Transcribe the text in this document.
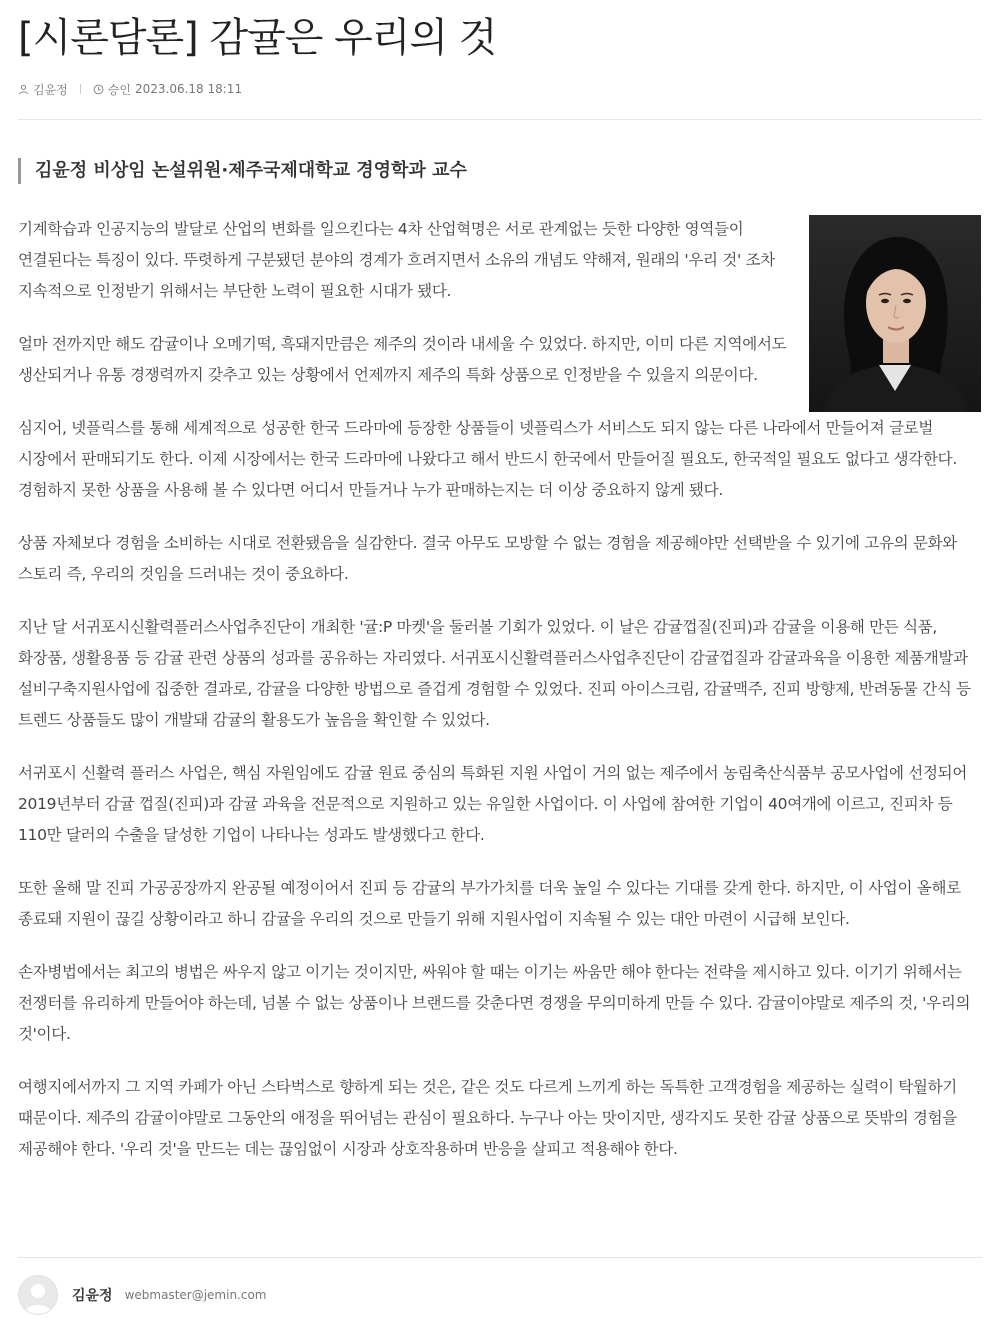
[시론담론] 감귤은 우리의 것
김윤정	승인 2023.06.18 18:11
김윤정 비상임 논설위원·제주국제대학교 경영학과 교수

기계학습과 인공지능의 발달로 산업의 변화를 일으킨다는 4차 산업혁명은 서로 관계없는 듯한 다양한 영역들이 연결된다는 특징이 있다. 뚜렷하게 구분됐던 분야의 경계가 흐려지면서 소유의 개념도 약해져, 원래의 '우리 것' 조차 지속적으로 인정받기 위해서는 부단한 노력이 필요한 시대가 됐다.

얼마 전까지만 해도 감귤이나 오메기떡, 흑돼지만큼은 제주의 것이라 내세울 수 있었다. 하지만, 이미 다른 지역에서도 생산되거나 유통 경쟁력까지 갖추고 있는 상황에서 언제까지 제주의 특화 상품으로 인정받을 수 있을지 의문이다.

심지어, 넷플릭스를 통해 세계적으로 성공한 한국 드라마에 등장한 상품들이 넷플릭스가 서비스도 되지 않는 다른 나라에서 만들어져 글로벌 시장에서 판매되기도 한다. 이제 시장에서는 한국 드라마에 나왔다고 해서 반드시 한국에서 만들어질 필요도, 한국적일 필요도 없다고 생각한다. 경험하지 못한 상품을 사용해 볼 수 있다면 어디서 만들거나 누가 판매하는지는 더 이상 중요하지 않게 됐다.

상품 자체보다 경험을 소비하는 시대로 전환됐음을 실감한다. 결국 아무도 모방할 수 없는 경험을 제공해야만 선택받을 수 있기에 고유의 문화와 스토리 즉, 우리의 것임을 드러내는 것이 중요하다.

지난 달 서귀포시신활력플러스사업추진단이 개최한 '귤:P 마켓'을 둘러볼 기회가 있었다. 이 날은 감귤껍질(진피)과 감귤을 이용해 만든 식품, 화장품, 생활용품 등 감귤 관련 상품의 성과를 공유하는 자리였다. 서귀포시신활력플러스사업추진단이 감귤껍질과 감귤과육을 이용한 제품개발과 설비구축지원사업에 집중한 결과로, 감귤을 다양한 방법으로 즐겁게 경험할 수 있었다. 진피 아이스크림, 감귤맥주, 진피 방향제, 반려동물 간식 등 트렌드 상품들도 많이 개발돼 감귤의 활용도가 높음을 확인할 수 있었다.

서귀포시 신활력 플러스 사업은, 핵심 자원임에도 감귤 원료 중심의 특화된 지원 사업이 거의 없는 제주에서 농림축산식품부 공모사업에 선정되어 2019년부터 감귤 껍질(진피)과 감귤 과육을 전문적으로 지원하고 있는 유일한 사업이다. 이 사업에 참여한 기업이 40여개에 이르고, 진피차 등 110만 달러의 수출을 달성한 기업이 나타나는 성과도 발생했다고 한다.

또한 올해 말 진피 가공공장까지 완공될 예정이어서 진피 등 감귤의 부가가치를 더욱 높일 수 있다는 기대를 갖게 한다. 하지만, 이 사업이 올해로 종료돼 지원이 끊길 상황이라고 하니 감귤을 우리의 것으로 만들기 위해 지원사업이 지속될 수 있는 대안 마련이 시급해 보인다.

손자병법에서는 최고의 병법은 싸우지 않고 이기는 것이지만, 싸워야 할 때는 이기는 싸움만 해야 한다는 전략을 제시하고 있다. 이기기 위해서는 전쟁터를 유리하게 만들어야 하는데, 넘볼 수 없는 상품이나 브랜드를 갖춘다면 경쟁을 무의미하게 만들 수 있다. 감귤이야말로 제주의 것, '우리의 것'이다.

여행지에서까지 그 지역 카페가 아닌 스타벅스로 향하게 되는 것은, 같은 것도 다르게 느끼게 하는 독특한 고객경험을 제공하는 실력이 탁월하기 때문이다. 제주의 감귤이야말로 그동안의 애정을 뛰어넘는 관심이 필요하다. 누구나 아는 맛이지만, 생각지도 못한 감귤 상품으로 뜻밖의 경험을 제공해야 한다. '우리 것'을 만드는 데는 끊임없이 시장과 상호작용하며 반응을 살피고 적용해야 한다.

김윤정 webmaster@jemin.com
